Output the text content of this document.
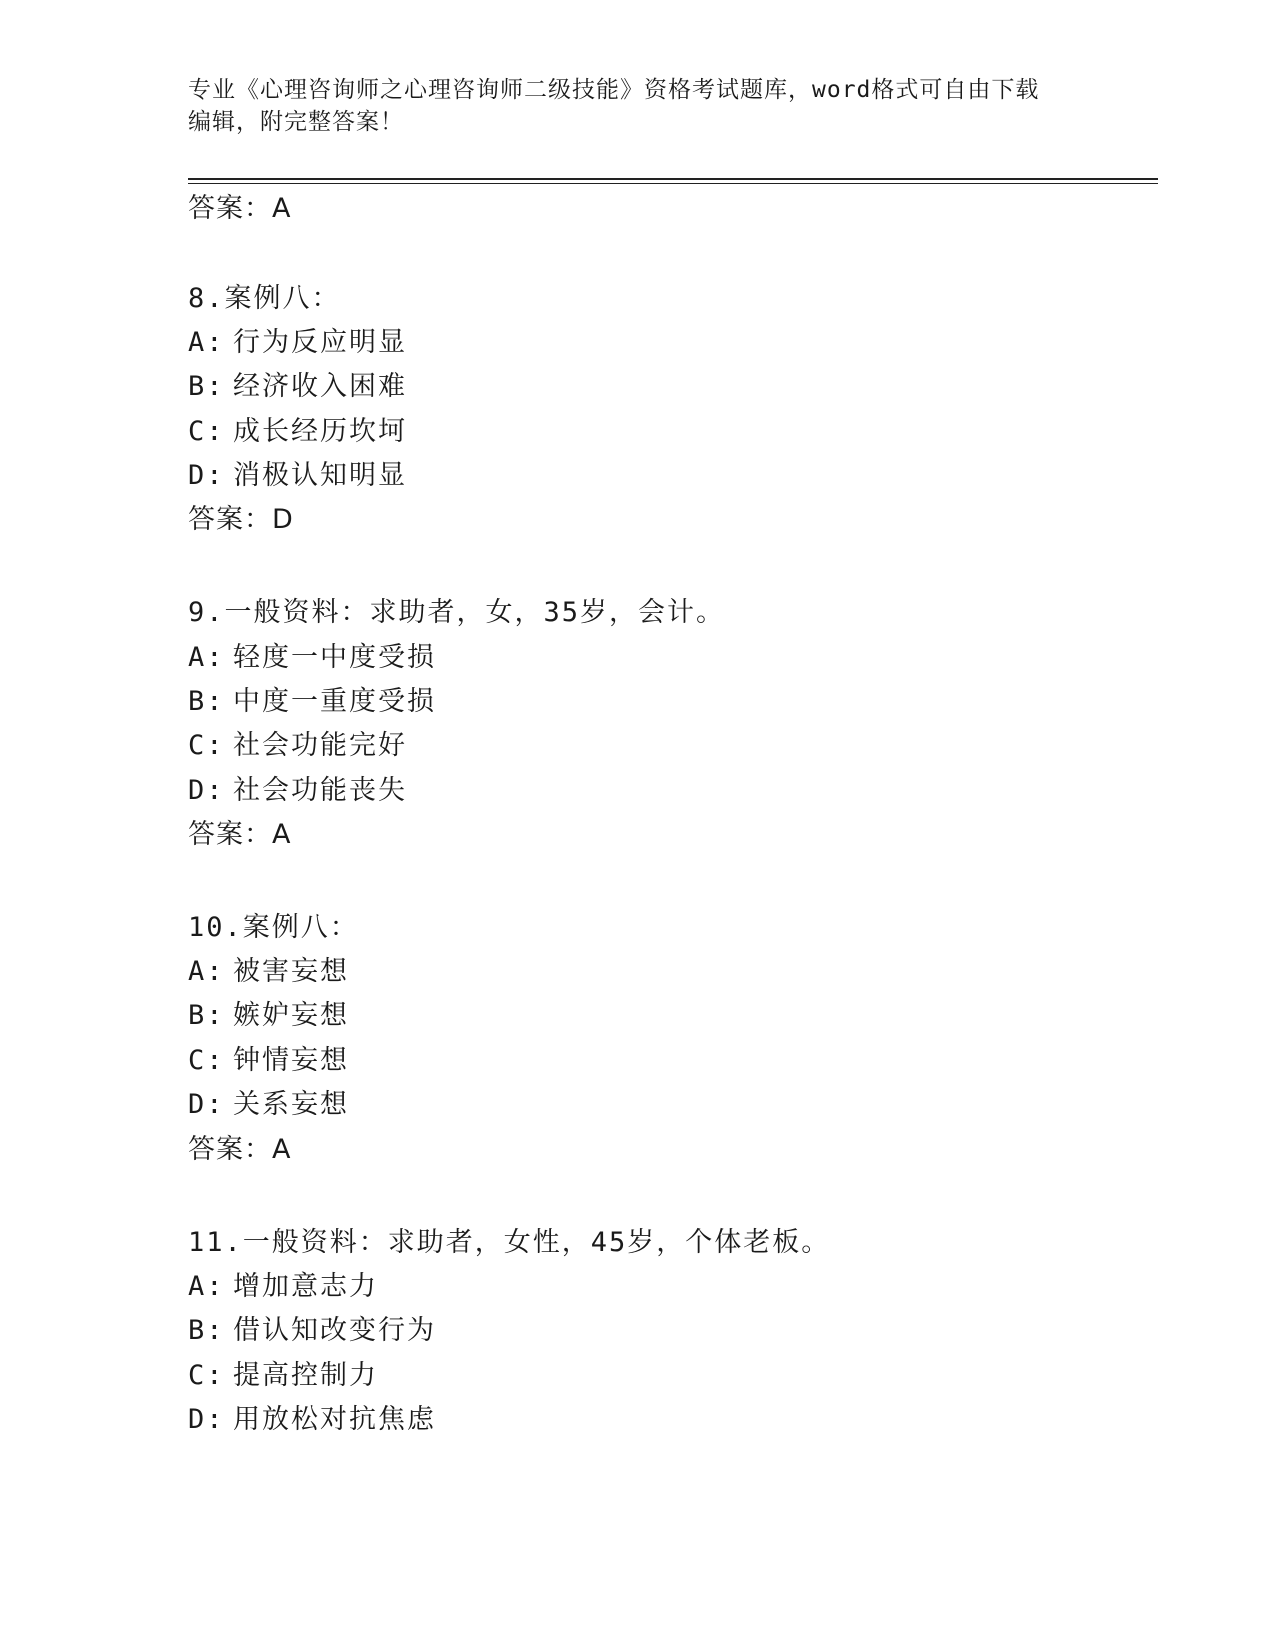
专业《心理咨询师之心理咨询师二级技能》资格考试题库，word格式可自由下载
编辑，附完整答案！
答案：A
8.案例八：
A: 行为反应明显
B: 经济收入困难
C: 成长经历坎坷
D: 消极认知明显
答案：D
9.一般资料：求助者，女，35岁，会计。
A: 轻度一中度受损
B: 中度一重度受损
C: 社会功能完好
D: 社会功能丧失
答案：A
10.案例八：
A: 被害妄想
B: 嫉妒妄想
C: 钟情妄想
D: 关系妄想
答案：A
11.一般资料：求助者，女性，45岁，个体老板。
A: 增加意志力
B: 借认知改变行为
C: 提高控制力
D: 用放松对抗焦虑
